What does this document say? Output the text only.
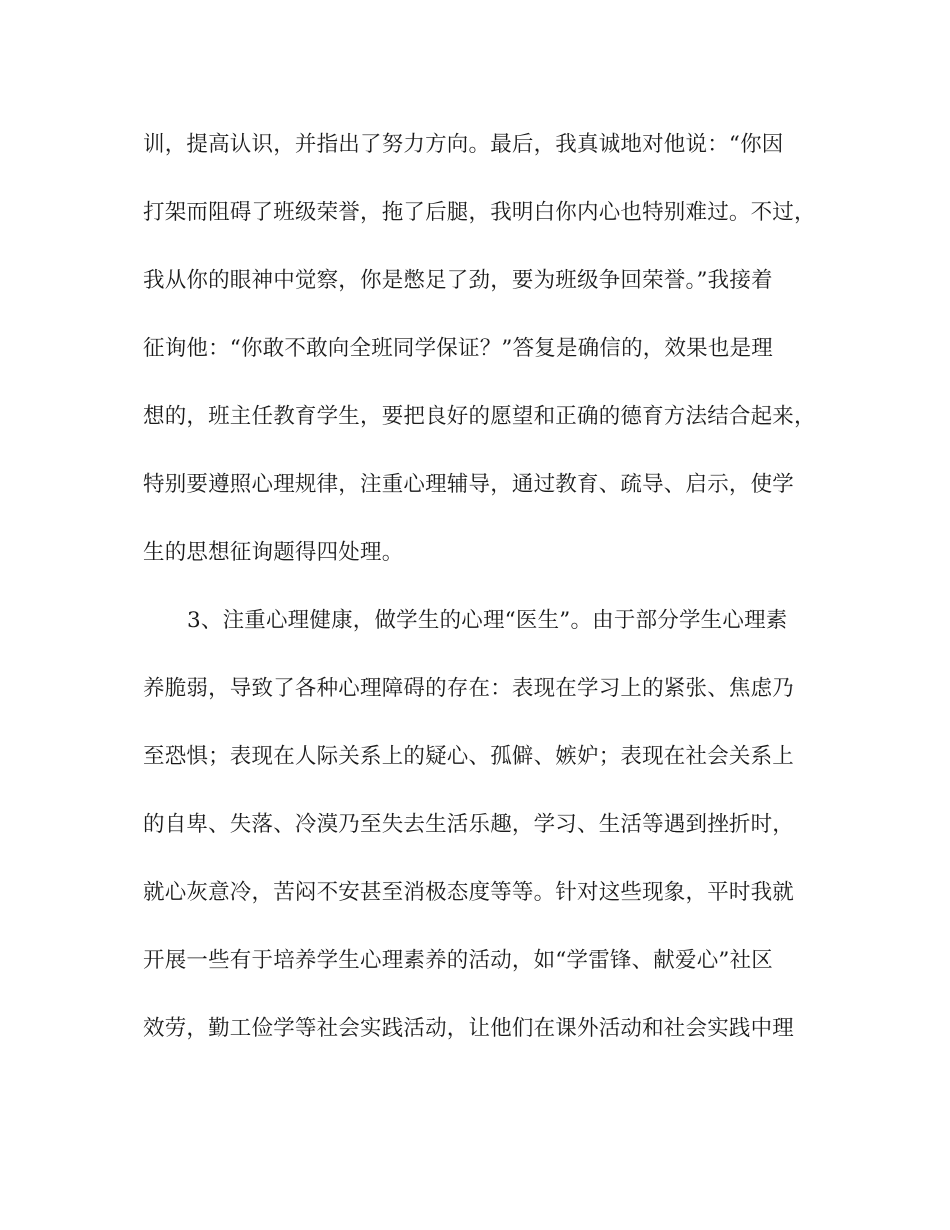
训，提高认识，并指出了努力方向。最后，我真诚地对他说：“你因
打架而阻碍了班级荣誉，拖了后腿，我明白你内心也特别难过。不过，
我从你的眼神中觉察，你是憋足了劲，要为班级争回荣誉。”我接着
征询他：“你敢不敢向全班同学保证？”答复是确信的，效果也是理
想的，班主任教育学生，要把良好的愿望和正确的德育方法结合起来，
特别要遵照心理规律，注重心理辅导，通过教育、疏导、启示，使学
生的思想征询题得四处理。
3、注重心理健康，做学生的心理“医生”。由于部分学生心理素
养脆弱，导致了各种心理障碍的存在：表现在学习上的紧张、焦虑乃
至恐惧；表现在人际关系上的疑心、孤僻、嫉妒；表现在社会关系上
的自卑、失落、冷漠乃至失去生活乐趣，学习、生活等遇到挫折时，
就心灰意冷，苦闷不安甚至消极态度等等。针对这些现象，平时我就
开展一些有于培养学生心理素养的活动，如“学雷锋、献爱心”社区
效劳，勤工俭学等社会实践活动，让他们在课外活动和社会实践中理
